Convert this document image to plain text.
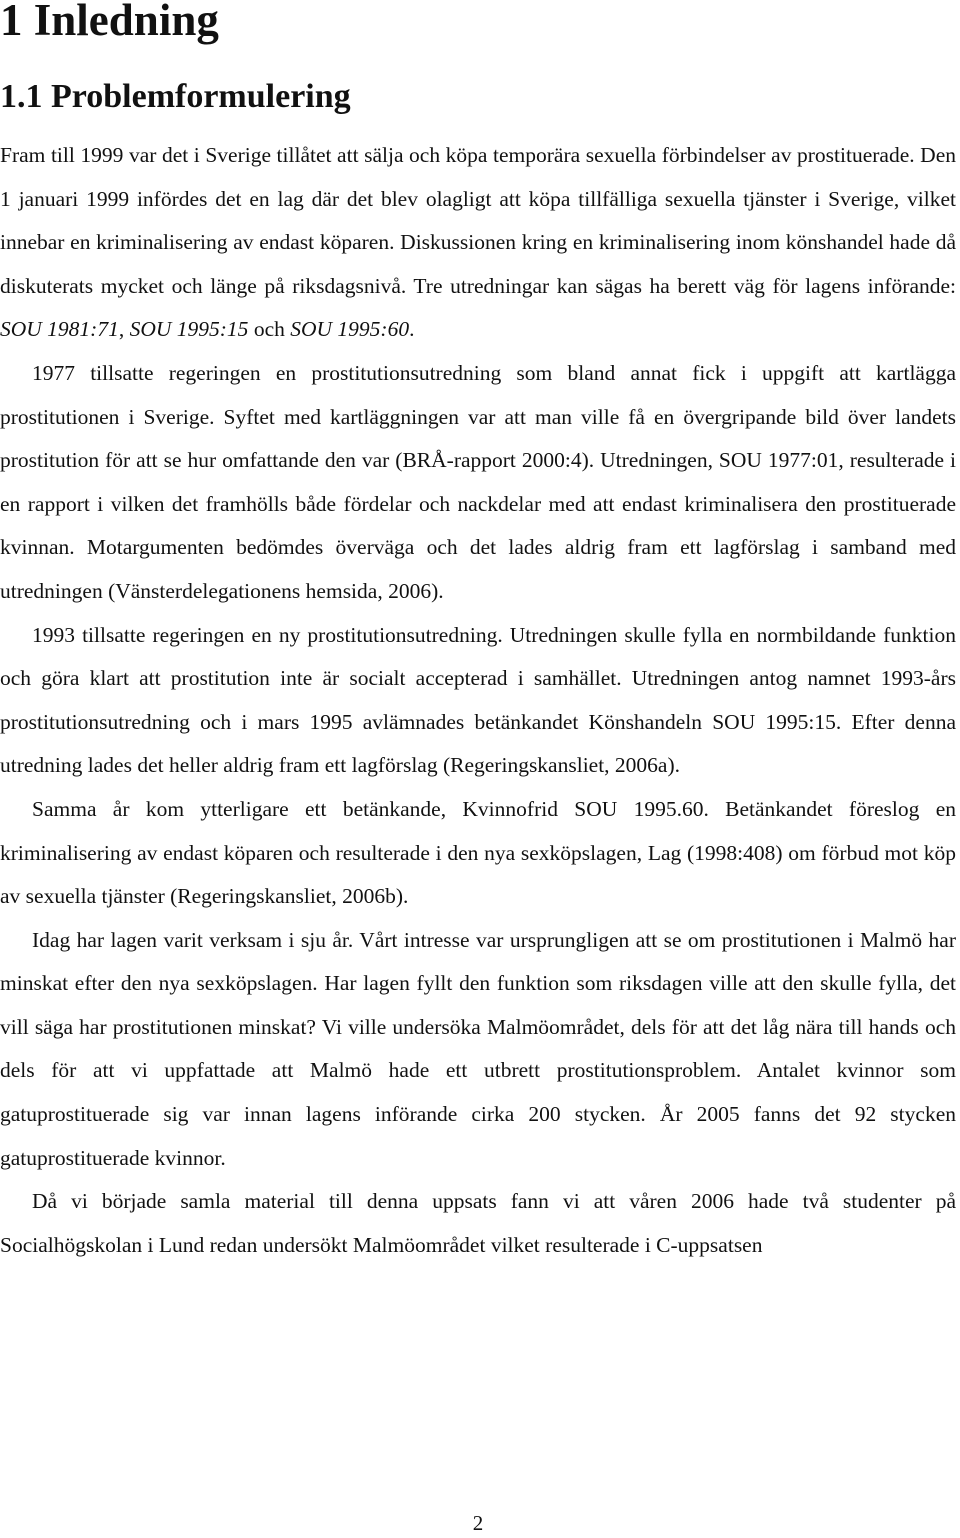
1 Inledning
1.1 Problemformulering

Fram till 1999 var det i Sverige tillåtet att sälja och köpa temporära sexuella förbindelser av prostituerade. Den 1 januari 1999 infördes det en lag där det blev olagligt att köpa tillfälliga sexuella tjänster i Sverige, vilket innebar en kriminalisering av endast köparen. Diskussionen kring en kriminalisering inom könshandel hade då diskuterats mycket och länge på riksdagsnivå. Tre utredningar kan sägas ha berett väg för lagens införande: SOU 1981:71, SOU 1995:15 och SOU 1995:60.

1977 tillsatte regeringen en prostitutionsutredning som bland annat fick i uppgift att kartlägga prostitutionen i Sverige. Syftet med kartläggningen var att man ville få en övergripande bild över landets prostitution för att se hur omfattande den var (BRÅ-rapport 2000:4). Utredningen, SOU 1977:01, resulterade i en rapport i vilken det framhölls både fördelar och nackdelar med att endast kriminalisera den prostituerade kvinnan. Motargumenten bedömdes överväga och det lades aldrig fram ett lagförslag i samband med utredningen (Vänsterdelegationens hemsida, 2006).

1993 tillsatte regeringen en ny prostitutionsutredning. Utredningen skulle fylla en normbildande funktion och göra klart att prostitution inte är socialt accepterad i samhället. Utredningen antog namnet 1993-års prostitutionsutredning och i mars 1995 avlämnades betänkandet Könshandeln SOU 1995:15. Efter denna utredning lades det heller aldrig fram ett lagförslag (Regeringskansliet, 2006a).

Samma år kom ytterligare ett betänkande, Kvinnofrid SOU 1995.60. Betänkandet föreslog en kriminalisering av endast köparen och resulterade i den nya sexköpslagen, Lag (1998:408) om förbud mot köp av sexuella tjänster (Regeringskansliet, 2006b).

Idag har lagen varit verksam i sju år. Vårt intresse var ursprungligen att se om prostitutionen i Malmö har minskat efter den nya sexköpslagen. Har lagen fyllt den funktion som riksdagen ville att den skulle fylla, det vill säga har prostitutionen minskat? Vi ville undersöka Malmöområdet, dels för att det låg nära till hands och dels för att vi uppfattade att Malmö hade ett utbrett prostitutionsproblem. Antalet kvinnor som gatuprostituerade sig var innan lagens införande cirka 200 stycken. År 2005 fanns det 92 stycken gatuprostituerade kvinnor.

Då vi började samla material till denna uppsats fann vi att våren 2006 hade två studenter på Socialhögskolan i Lund redan undersökt Malmöområdet vilket resulterade i C-uppsatsen

2
